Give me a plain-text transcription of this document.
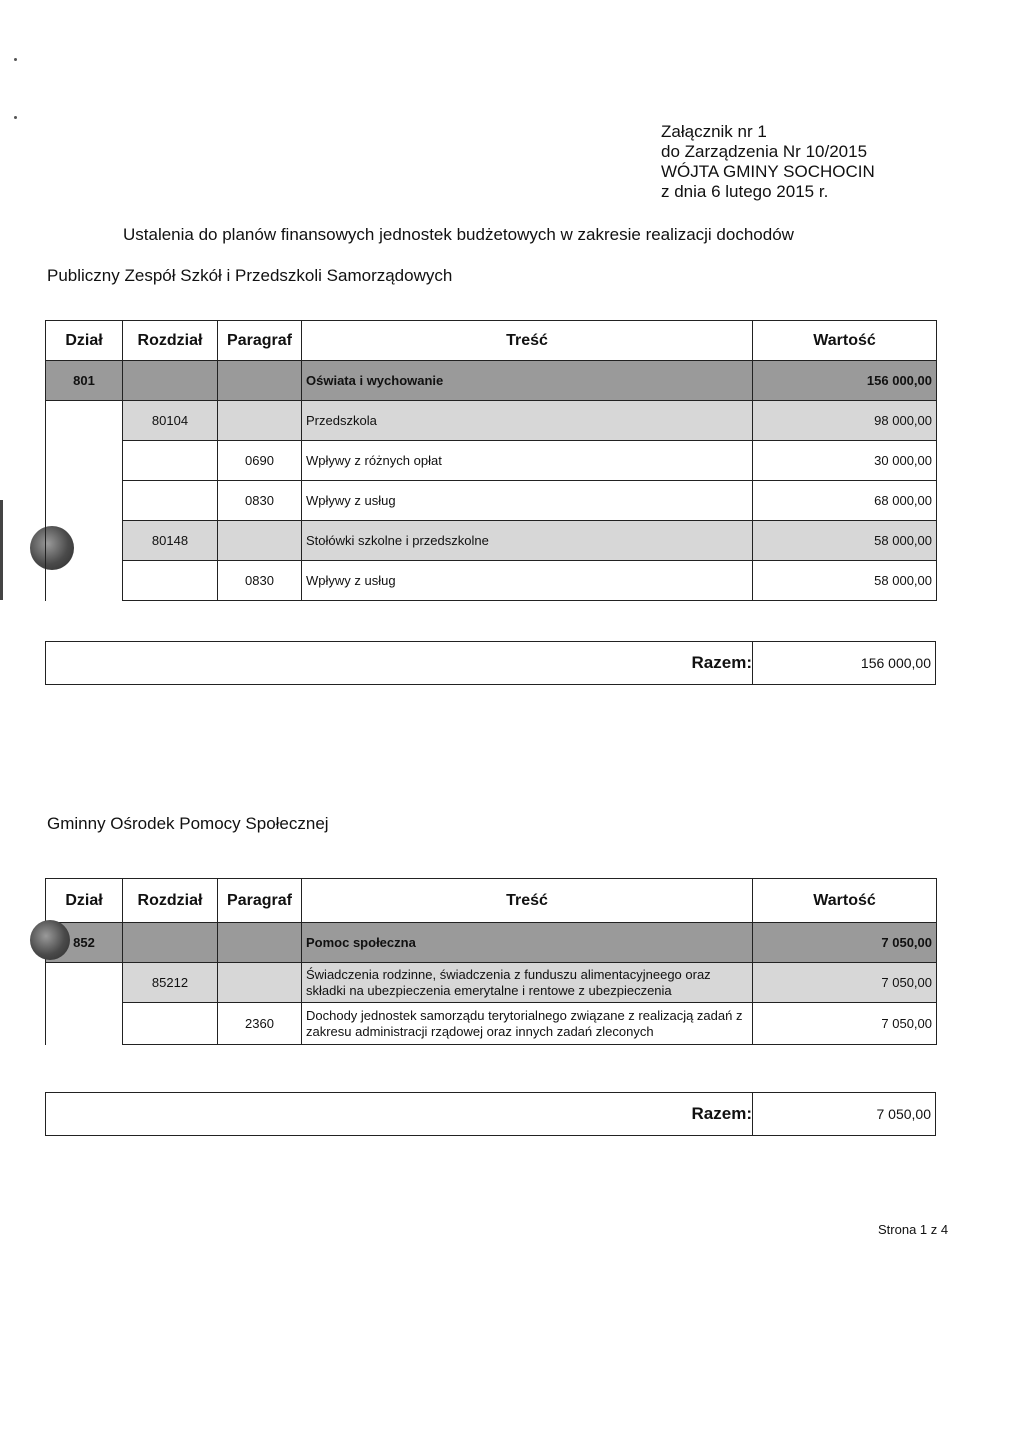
Załącznik nr 1
do Zarządzenia Nr 10/2015
WÓJTA GMINY SOCHOCIN
z dnia 6 lutego 2015 r.
Ustalenia do planów finansowych jednostek budżetowych w zakresie realizacji dochodów
Publiczny Zespół Szkół i Przedszkoli Samorządowych
Dział	Rozdział	Paragraf	Treść	Wartość
801			Oświata i wychowanie	156 000,00
	80104		Przedszkola	98 000,00
		0690	Wpływy z różnych opłat	30 000,00
		0830	Wpływy z usług	68 000,00
	80148		Stołówki szkolne i przedszkolne	58 000,00
		0830	Wpływy z usług	58 000,00
Razem:	156 000,00
Gminny Ośrodek Pomocy Społecznej
Dział	Rozdział	Paragraf	Treść	Wartość
852			Pomoc społeczna	7 050,00
	85212		Świadczenia rodzinne, świadczenia z funduszu alimentacyjneego oraz składki na ubezpieczenia emerytalne i rentowe z ubezpieczenia	7 050,00
		2360	Dochody jednostek samorządu terytorialnego związane z realizacją zadań z zakresu administracji rządowej oraz innych zadań zleconych	7 050,00
Razem:	7 050,00
Strona 1 z 4
